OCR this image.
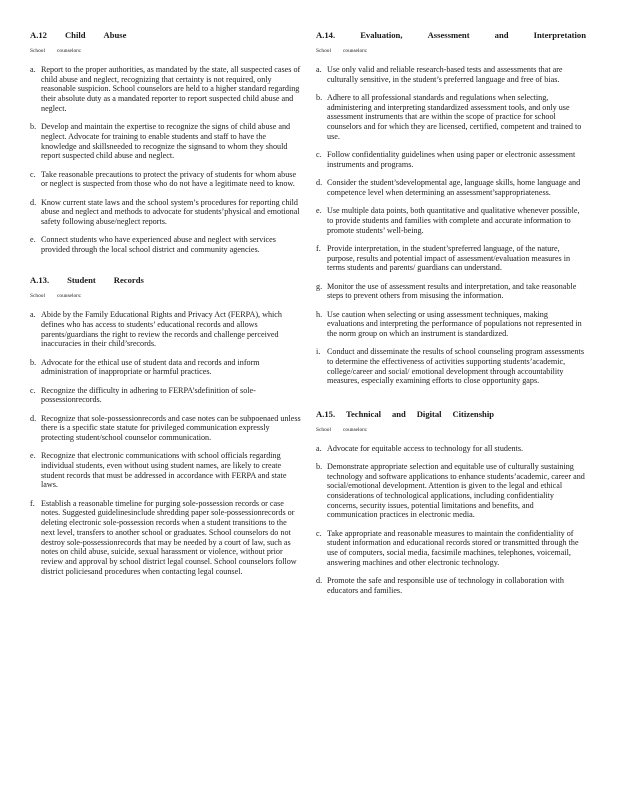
A.12 Child Abuse

School counselors:

a. Report to the proper authorities, as mandated by the state, all suspected cases of child abuse and neglect, recognizing that certainty is not required, only reasonable suspicion. School counselors are held to a higher standard regarding their absolute duty as a mandated reporter to report suspected child abuse and neglect.
b. Develop and maintain the expertise to recognize the signs of child abuse and neglect. Advocate for training to enable students and staff to have the knowledge and skillsneeded to recognize the signsand to whom they should report suspected child abuse and neglect.
c. Take reasonable precautions to protect the privacy of students for whom abuse or neglect is suspected from those who do not have a legitimate need to know.
d. Know current state laws and the school system’s procedures for reporting child abuse and neglect and methods to advocate for students’physical and emotional safety following abuse/neglect reports.
e. Connect students who have experienced abuse and neglect with services provided through the local school district and community agencies.
A.13. Student Records

School counselors:

a. Abide by the Family Educational Rights and Privacy Act (FERPA), which defines who has access to students’ educational records and allows parents/guardians the right to review the records and challenge perceived inaccuracies in their child’srecords.
b. Advocate for the ethical use of student data and records and inform administration of inappropriate or harmful practices.
c. Recognize the difficulty in adhering to FERPA’sdefinition of sole-possessionrecords.
d. Recognize that sole-possessionrecords and case notes can be subpoenaed unless there is a specific state statute for privileged communication expressly protecting student/school counselor communication.
e. Recognize that electronic communications with school officials regarding individual students, even without using student names, are likely to create student records that must be addressed in accordance with FERPA and state laws.
f. Establish a reasonable timeline for purging sole-possession records or case notes. Suggested guidelinesinclude shredding paper sole-possessionrecords or deleting electronic sole-possession records when a student transitions to the next level, transfers to another school or graduates. School counselors do not destroy sole-possessionrecords that may be needed by a court of law, such as notes on child abuse, suicide, sexual harassment or violence, without prior review and approval by school district legal counsel. School counselors follow district policiesand procedures when contacting legal counsel.
A.14.	Evaluation,	Assessment	and	Interpretation

School counselors:

a. Use only valid and reliable research-based tests and assessments that are culturally sensitive, in the student’s preferred language and free of bias.
b. Adhere to all professional standards and regulations when selecting, administering and interpreting standardized assessment tools, and only use assessment instruments that are within the scope of practice for school counselors and for which they are licensed, certified, competent and trained to use.
c. Follow confidentiality guidelines when using paper or electronic assessment instruments and programs.
d. Consider the student’sdevelopmental age, language skills, home language and competence level when determining an assessment’sappropriateness.
e. Use multiple data points, both quantitative and qualitative whenever possible, to provide students and families with complete and accurate information to promote students’ well-being.
f. Provide interpretation, in the student’spreferred language, of the nature, purpose, results and potential impact of assessment/evaluation measures in terms students and parents/ guardians can understand.
g. Monitor the use of assessment results and interpretation, and take reasonable steps to prevent others from misusing the information.
h. Use caution when selecting or using assessment techniques, making evaluations and interpreting the performance of populations not represented in the norm group on which an instrument is standardized.
i. Conduct and disseminate the results of school counseling program assessments to determine the effectiveness of activities supporting students’academic, college/career and social/ emotional development through accountability measures, especially examining efforts to close opportunity gaps.
A.15. Technical and Digital Citizenship

School counselors:

a. Advocate for equitable access to technology for all students.
b. Demonstrate appropriate selection and equitable use of culturally sustaining technology and software applications to enhance students’academic, career and social/emotional development. Attention is given to the legal and ethical considerations of technological applications, including confidentiality concerns, security issues, potential limitations and benefits, and communication practices in electronic media.
c. Take appropriate and reasonable measures to maintain the confidentiality of student information and educational records stored or transmitted through the use of computers, social media, facsimile machines, telephones, voicemail, answering machines and other electronic technology.
d. Promote the safe and responsible use of technology in collaboration with educators and families.
